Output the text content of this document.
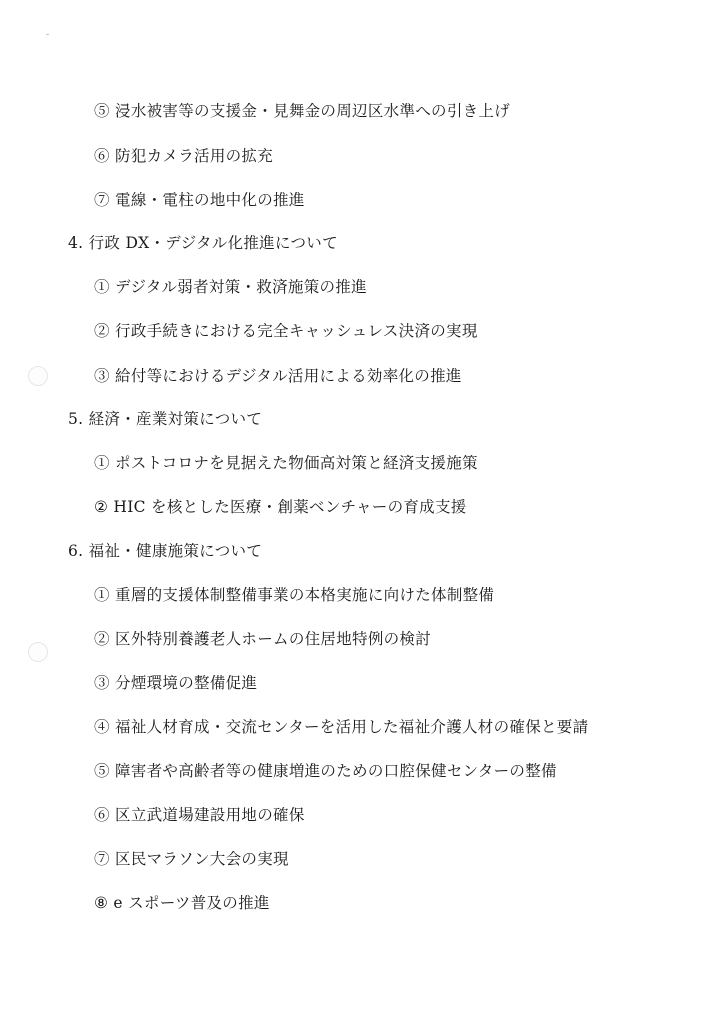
⑤ 浸水被害等の支援金・見舞金の周辺区水準への引き上げ
⑥ 防犯カメラ活用の拡充
⑦ 電線・電柱の地中化の推進
4. 行政 DX・デジタル化推進について
① デジタル弱者対策・救済施策の推進
② 行政手続きにおける完全キャッシュレス決済の実現
③ 給付等におけるデジタル活用による効率化の推進
5. 経済・産業対策について
① ポストコロナを見据えた物価高対策と経済支援施策
② HIC を核とした医療・創薬ベンチャーの育成支援
6. 福祉・健康施策について
① 重層的支援体制整備事業の本格実施に向けた体制整備
② 区外特別養護老人ホームの住居地特例の検討
③ 分煙環境の整備促進
④ 福祉人材育成・交流センターを活用した福祉介護人材の確保と要請
⑤ 障害者や高齢者等の健康増進のための口腔保健センターの整備
⑥ 区立武道場建設用地の確保
⑦ 区民マラソン大会の実現
⑧ e スポーツ普及の推進
